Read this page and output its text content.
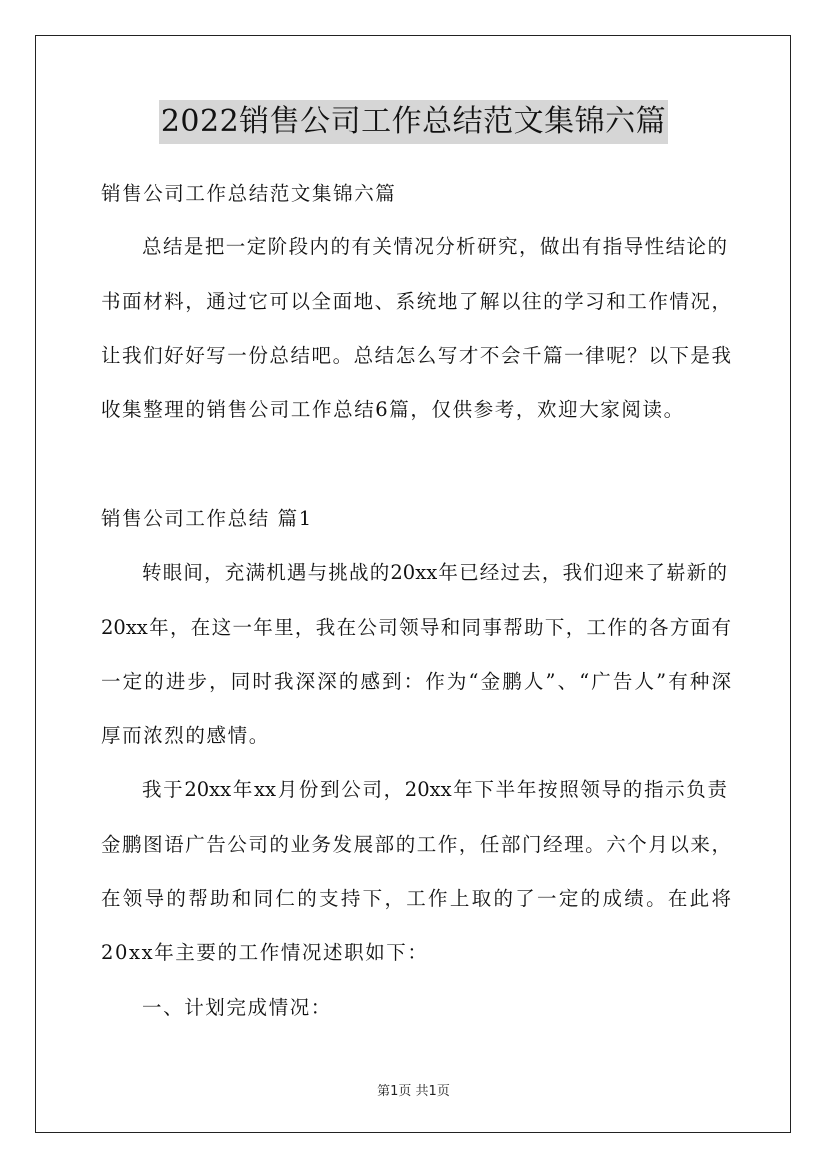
2022销售公司工作总结范文集锦六篇

销售公司工作总结范文集锦六篇

总结是把一定阶段内的有关情况分析研究，做出有指导性结论的

书面材料，通过它可以全面地、系统地了解以往的学习和工作情况，

让我们好好写一份总结吧。总结怎么写才不会千篇一律呢？以下是我

收集整理的销售公司工作总结6篇，仅供参考，欢迎大家阅读。

销售公司工作总结 篇1

转眼间，充满机遇与挑战的20xx年已经过去，我们迎来了崭新的

20xx年，在这一年里，我在公司领导和同事帮助下，工作的各方面有

一定的进步，同时我深深的感到：作为“金鹏人”、“广告人”有种深

厚而浓烈的感情。

我于20xx年xx月份到公司，20xx年下半年按照领导的指示负责

金鹏图语广告公司的业务发展部的工作，任部门经理。六个月以来，

在领导的帮助和同仁的支持下，工作上取的了一定的成绩。在此将

20xx年主要的工作情况述职如下：

一、计划完成情况：

第1页 共1页
